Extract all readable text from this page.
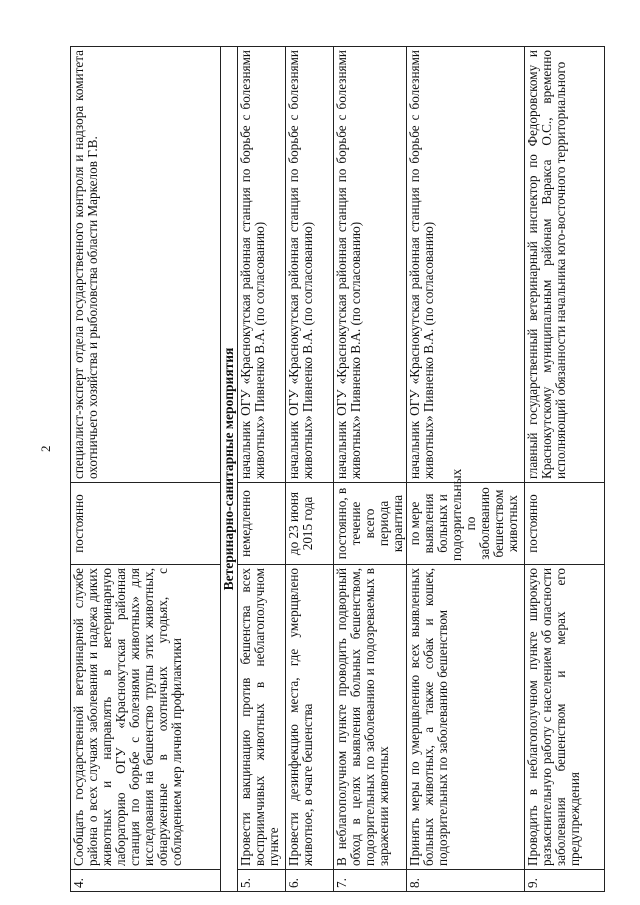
2
4.	Сообщать государственной ветеринарной службе района о всех случаях заболевания и падежа диких животных и направлять в ветеринарную лабораторию ОГУ «Краснокутская районная станция по борьбе с болезнями животных» для исследования на бешенство трупы этих животных, обнаруженные в охотничьих угодьях, с соблюдением мер личной профилактики	постоянно	специалист-эксперт отдела государственного контроля и надзора комитета охотничьего хозяйства и рыболовства области Маркелов Г.В.
Ветеринарно-санитарные мероприятия			
5.	Провести вакцинацию против бешенства всех восприимчивых животных в неблагополучном пункте	немедленно	начальник ОГУ «Краснокутская районная станция по борьбе с болезнями животных» Пивненко В.А. (по согласованию)
6.	Провести дезинфекцию места, где умерщвлено животное, в очаге бешенства	до 23 июня 2015 года	начальник ОГУ «Краснокутская районная станция по борьбе с болезнями животных» Пивненко В.А. (по согласованию)
7.	В неблагополучном пункте проводить подворный обход в целях выявления больных бешенством, подозрительных по заболеванию и подозреваемых в заражении животных	постоянно, в течение всего периода карантина	начальник ОГУ «Краснокутская районная станция по борьбе с болезнями животных» Пивненко В.А. (по согласованию)
8.	Принять меры по умерщвлению всех выявленных больных животных, а также собак и кошек, подозрительных по заболеванию бешенством	по мере выявления больных и подозрительных по заболеванию бешенством животных	начальник ОГУ «Краснокутская районная станция по борьбе с болезнями животных» Пивненко В.А. (по согласованию)
9.	Проводить в неблагополучном пункте широкую разъяснительную работу с населением об опасности заболевания бешенством и мерах его предупреждения	постоянно	главный государственный ветеринарный инспектор по Федоровскому и Краснокутскому муниципальным районам Варакса О.С., временно исполняющий обязанности начальника юго-восточного территориального
